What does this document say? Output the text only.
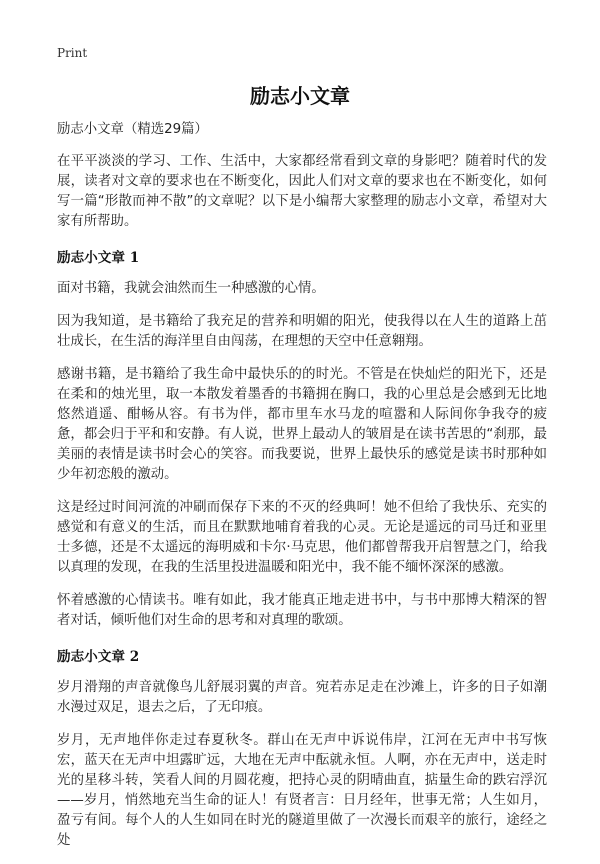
Print
励志小文章

励志小文章（精选29篇）

在平平淡淡的学习、工作、生活中，大家都经常看到文章的身影吧？随着时代的发展，读者对文章的要求也在不断变化，因此人们对文章的要求也在不断变化，如何写一篇“形散而神不散”的文章呢？以下是小编帮大家整理的励志小文章，希望对大家有所帮助。

励志小文章 1

面对书籍，我就会油然而生一种感激的心情。

因为我知道，是书籍给了我充足的营养和明媚的阳光，使我得以在人生的道路上茁壮成长，在生活的海洋里自由闯荡，在理想的天空中任意翱翔。

感谢书籍，是书籍给了我生命中最快乐的的时光。不管是在快灿烂的阳光下，还是在柔和的烛光里，取一本散发着墨香的书籍拥在胸口，我的心里总是会感到无比地悠然逍遥、酣畅从容。有书为伴，都市里车水马龙的喧嚣和人际间你争我夺的疲惫，都会归于平和和安静。有人说，世界上最动人的皱眉是在读书苦思的“刹那，最美丽的表情是读书时会心的笑容。而我要说，世界上最快乐的感觉是读书时那种如少年初恋般的激动。

这是经过时间河流的冲刷而保存下来的不灭的经典呵！她不但给了我快乐、充实的感觉和有意义的生活，而且在默默地哺育着我的心灵。无论是遥远的司马迁和亚里士多德，还是不太遥远的海明威和卡尔·马克思，他们都曾帮我开启智慧之门，给我以真理的发现，在我的生活里投进温暖和阳光中，我不能不缅怀深深的感激。

怀着感激的心情读书。唯有如此，我才能真正地走进书中，与书中那博大精深的智者对话，倾听他们对生命的思考和对真理的歌颂。

励志小文章 2

岁月滑翔的声音就像鸟儿舒展羽翼的声音。宛若赤足走在沙滩上，许多的日子如潮水漫过双足，退去之后，了无印痕。

岁月，无声地伴你走过春夏秋冬。群山在无声中诉说伟岸，江河在无声中书写恢宏，蓝天在无声中坦露旷远，大地在无声中酝就永恒。人啊，亦在无声中，送走时光的星移斗转，笑看人间的月圆花瘦，把持心灵的阴晴曲直，掂量生命的跌宕浮沉——岁月，悄然地充当生命的证人！有贤者言：日月经年，世事无常；人生如月，盈亏有间。每个人的人生如同在时光的隧道里做了一次漫长而艰辛的旅行，途经之处
